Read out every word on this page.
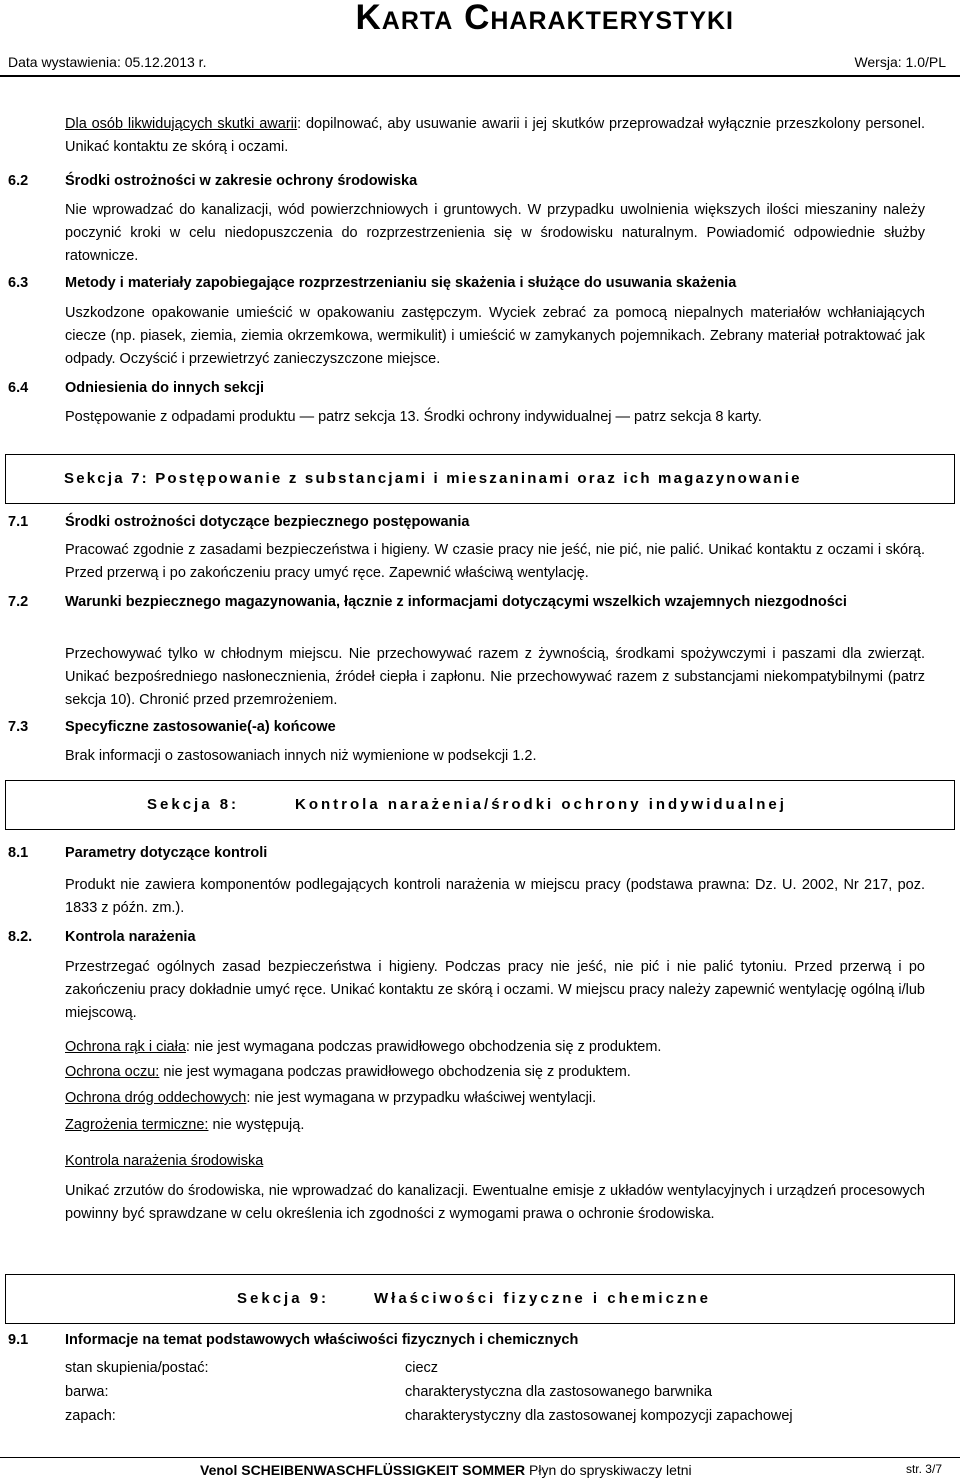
Karta Charakterystyki
Data wystawienia: 05.12.2013 r.	Wersja: 1.0/PL

Dla osób likwidujących skutki awarii: dopilnować, aby usuwanie awarii i jej skutków przeprowadzał wyłącznie przeszkolony personel. Unikać kontaktu ze skórą i oczami.

6.2	Środki ostrożności w zakresie ochrony środowiska

Nie wprowadzać do kanalizacji, wód powierzchniowych i gruntowych. W przypadku uwolnienia większych ilości mieszaniny należy poczynić kroki w celu niedopuszczenia do rozprzestrzenienia się w środowisku naturalnym. Powiadomić odpowiednie służby ratownicze.

6.3	Metody i materiały zapobiegające rozprzestrzenianiu się skażenia i służące do usuwania skażenia

Uszkodzone opakowanie umieścić w opakowaniu zastępczym. Wyciek zebrać za pomocą niepalnych materiałów wchłaniających ciecze (np. piasek, ziemia, ziemia okrzemkowa, wermikulit) i umieścić w zamykanych pojemnikach. Zebrany materiał potraktować jak odpady. Oczyścić i przewietrzyć zanieczyszczone miejsce.

6.4	Odniesienia do innych sekcji

Postępowanie z odpadami produktu — patrz sekcja 13. Środki ochrony indywidualnej — patrz sekcja 8 karty.

Sekcja 7: Postępowanie z substancjami i mieszaninami oraz ich magazynowanie
7.1	Środki ostrożności dotyczące bezpiecznego postępowania

Pracować zgodnie z zasadami bezpieczeństwa i higieny. W czasie pracy nie jeść, nie pić, nie palić. Unikać kontaktu z oczami i skórą. Przed przerwą i po zakończeniu pracy umyć ręce. Zapewnić właściwą wentylację.

7.2	Warunki bezpiecznego magazynowania, łącznie z informacjami dotyczącymi wszelkich wzajemnych niezgodności

Przechowywać tylko w chłodnym miejscu. Nie przechowywać razem z żywnością, środkami spożywczymi i paszami dla zwierząt. Unikać bezpośredniego nasłonecznienia, źródeł ciepła i zapłonu. Nie przechowywać razem z substancjami niekompatybilnymi (patrz sekcja 10). Chronić przed przemrożeniem.

7.3	Specyficzne zastosowanie(-a) końcowe

Brak informacji o zastosowaniach innych niż wymienione w podsekcji 1.2.

Sekcja 8:	Kontrola narażenia/środki ochrony indywidualnej
8.1	Parametry dotyczące kontroli

Produkt nie zawiera komponentów podlegających kontroli narażenia w miejscu pracy (podstawa prawna: Dz. U. 2002, Nr 217, poz. 1833 z późn. zm.).

8.2. Kontrola narażenia

Przestrzegać ogólnych zasad bezpieczeństwa i higieny. Podczas pracy nie jeść, nie pić i nie palić tytoniu. Przed przerwą i po zakończeniu pracy dokładnie umyć ręce. Unikać kontaktu ze skórą i oczami. W miejscu pracy należy zapewnić wentylację ogólną i/lub miejscową.

Ochrona rąk i ciała: nie jest wymagana podczas prawidłowego obchodzenia się z produktem.

Ochrona oczu: nie jest wymagana podczas prawidłowego obchodzenia się z produktem.

Ochrona dróg oddechowych: nie jest wymagana w przypadku właściwej wentylacji.

Zagrożenia termiczne: nie występują.

Kontrola narażenia środowiska

Unikać zrzutów do środowiska, nie wprowadzać do kanalizacji. Ewentualne emisje z układów wentylacyjnych i urządzeń procesowych powinny być sprawdzane w celu określenia ich zgodności z wymogami prawa o ochronie środowiska.

Sekcja 9:	Właściwości fizyczne i chemiczne
9.1	Informacje na temat podstawowych właściwości fizycznych i chemicznych
stan skupienia/postać:	ciecz
barwa:	charakterystyczna dla zastosowanego barwnika
zapach:	charakterystyczny dla zastosowanej kompozycji zapachowej
Venol SCHEIBENWASCHFLÜSSIGKEIT SOMMER Płyn do spryskiwaczy letni	str. 3/7
